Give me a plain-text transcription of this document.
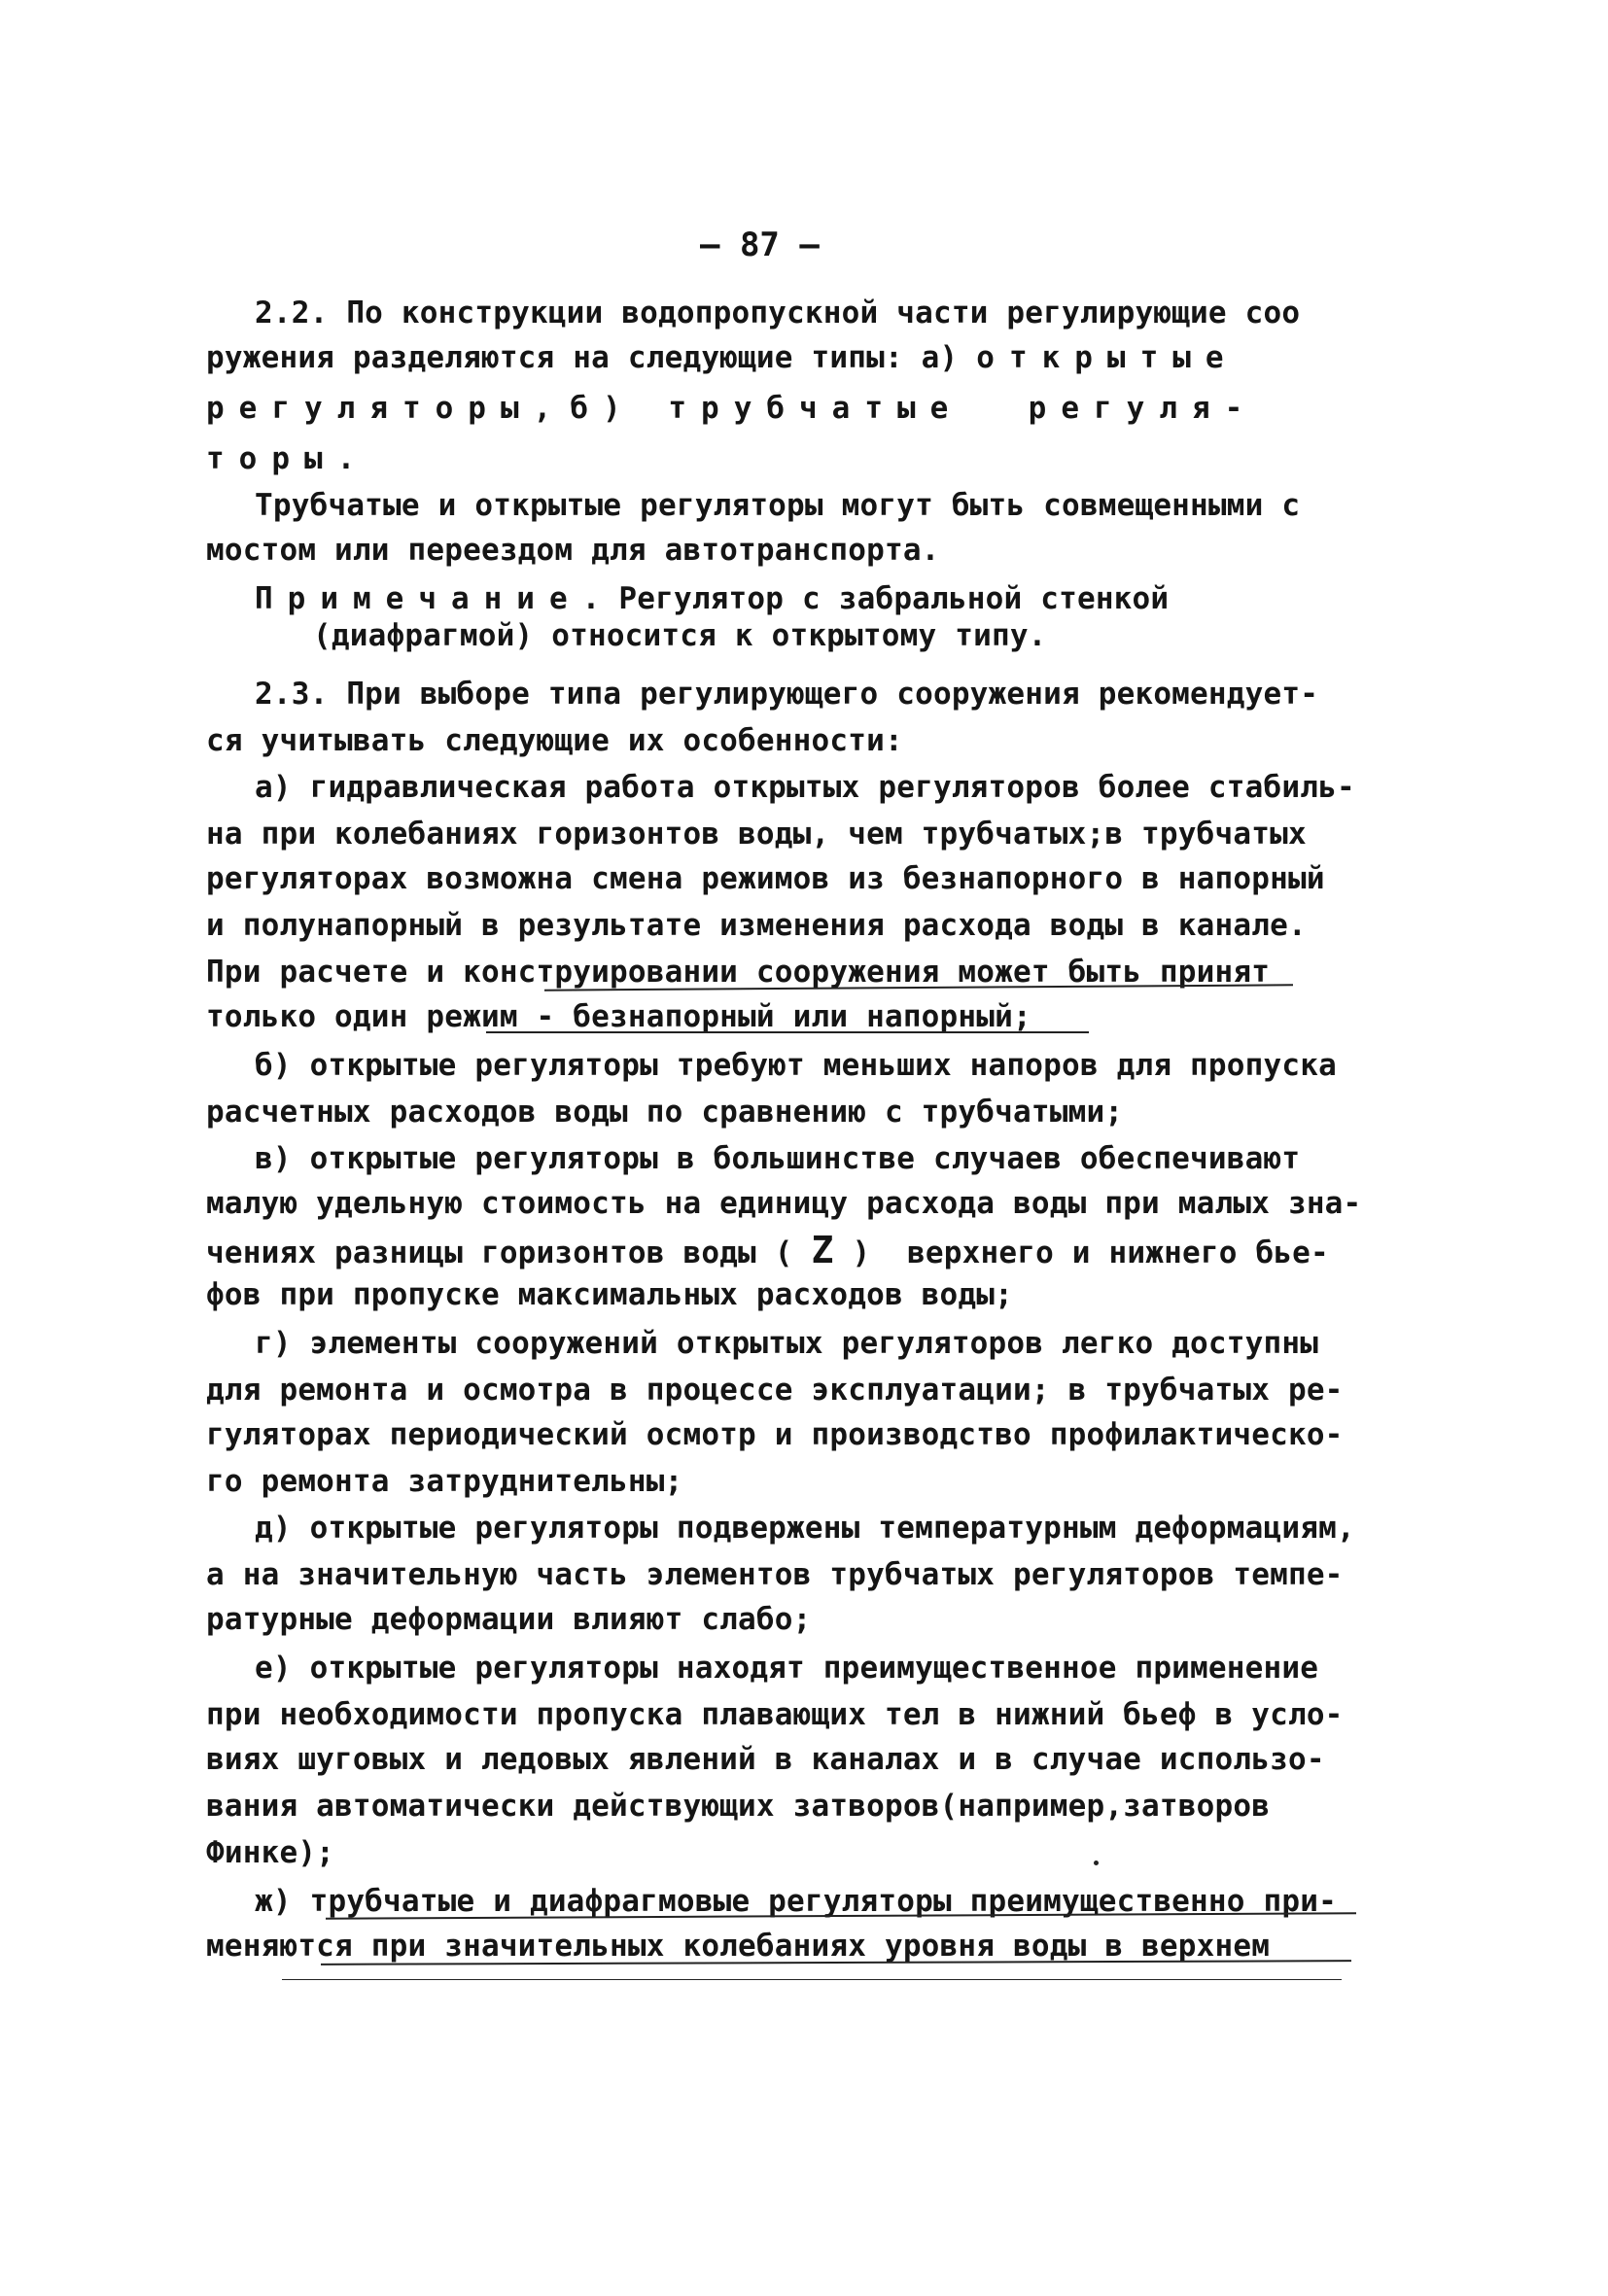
— 87 —
2.2. По конструкции водопропускной части регулирующие соо
ружения разделяются на следующие типы: а) открытые
регуляторы, б) трубчатые  регуля-
торы.
Трубчатые и открытые регуляторы могут быть совмещенными с
мостом или переездом для автотранспорта.
Примечание. Регулятор с забральной стенкой
(диафрагмой) относится к открытому типу.
2.3. При выборе типа регулирующего сооружения рекомендует-
ся учитывать следующие их особенности:
а) гидравлическая работа открытых регуляторов более стабиль-
на при колебаниях горизонтов воды, чем трубчатых;в трубчатых
регуляторах возможна смена режимов из безнапорного в напорный
и полунапорный в результате изменения расхода воды в канале.
При расчете и конструировании сооружения может быть принят
только один режим - безнапорный или напорный;
б) открытые регуляторы требуют меньших напоров для пропуска
расчетных расходов воды по сравнению с трубчатыми;
в) открытые регуляторы в большинстве случаев обеспечивают
малую удельную стоимость на единицу расхода воды при малых зна-
чениях разницы горизонтов воды ( Z )  верхнего и нижнего бье-
фов при пропуске максимальных расходов воды;
г) элементы сооружений открытых регуляторов легко доступны
для ремонта и осмотра в процессе эксплуатации; в трубчатых ре-
гуляторах периодический осмотр и производство профилактическо-
го ремонта затруднительны;
д) открытые регуляторы подвержены температурным деформациям,
а на значительную часть элементов трубчатых регуляторов темпе-
ратурные деформации влияют слабо;
е) открытые регуляторы находят преимущественное применение
при необходимости пропуска плавающих тел в нижний бьеф в усло-
виях шуговых и ледовых явлений в каналах и в случае использо-
вания автоматически действующих затворов(например,затворов
Финке);
ж) трубчатые и диафрагмовые регуляторы преимущественно при-
меняются при значительных колебаниях уровня воды в верхнем
